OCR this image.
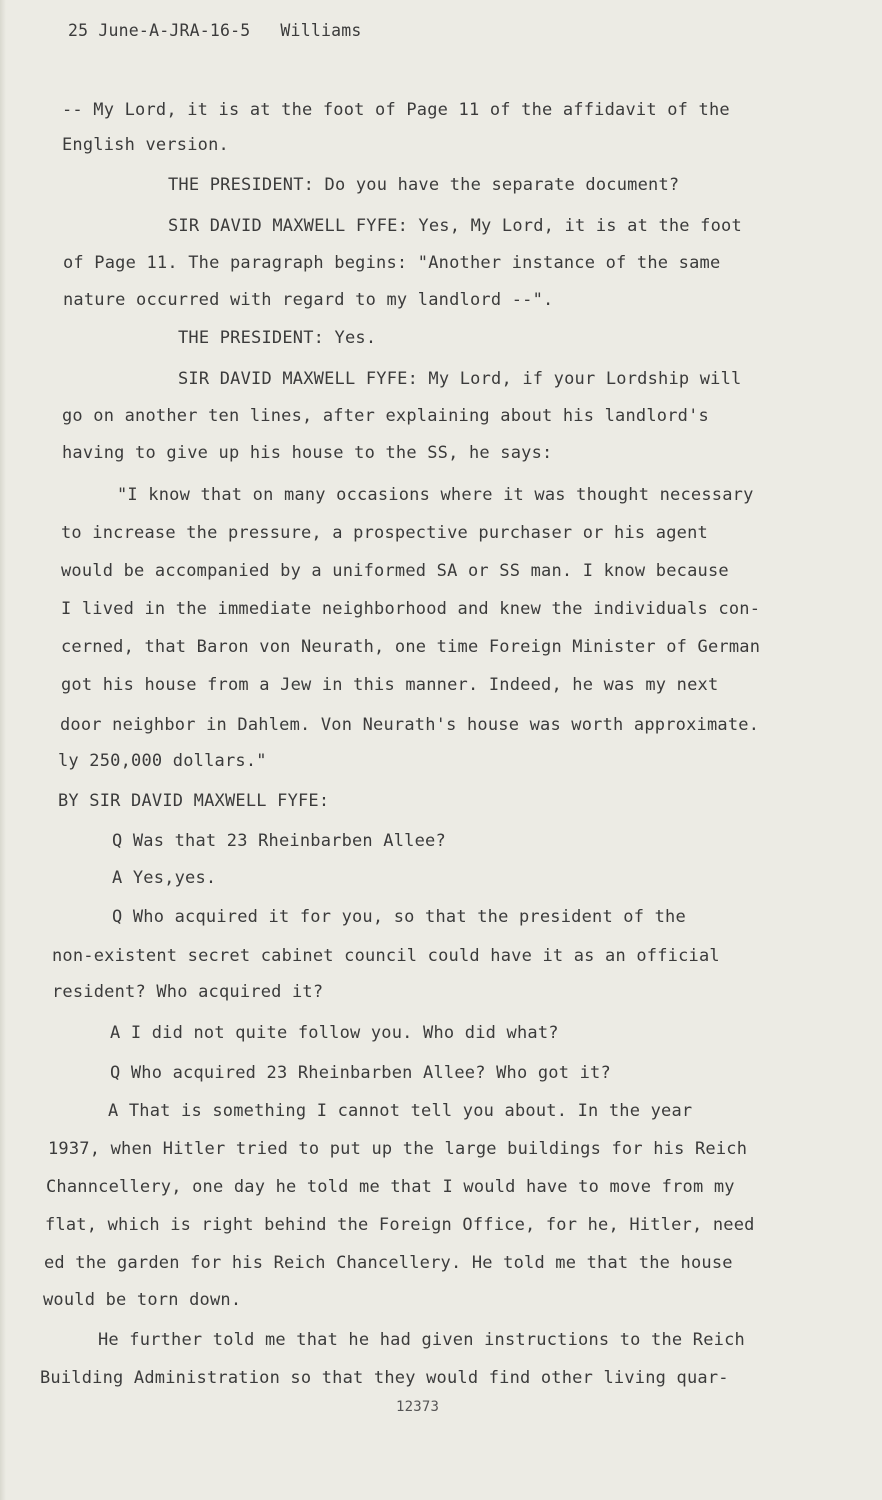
25 June-A-JRA-16-5 Williams
-- My Lord, it is at the foot of Page 11 of the affidavit of the
English version.
THE PRESIDENT: Do you have the separate document?
SIR DAVID MAXWELL FYFE: Yes, My Lord, it is at the foot
of Page 11. The paragraph begins: "Another instance of the same
nature occurred with regard to my landlord --".
THE PRESIDENT: Yes.
SIR DAVID MAXWELL FYFE: My Lord, if your Lordship will
go on another ten lines, after explaining about his landlord's
having to give up his house to the SS, he says:
"I know that on many occasions where it was thought necessary
to increase the pressure, a prospective purchaser or his agent
would be accompanied by a uniformed SA or SS man. I know because
I lived in the immediate neighborhood and knew the individuals con-
cerned, that Baron von Neurath, one time Foreign Minister of German
got his house from a Jew in this manner. Indeed, he was my next
door neighbor in Dahlem. Von Neurath's house was worth approximate.
ly 250,000 dollars."
BY SIR DAVID MAXWELL FYFE:
Q Was that 23 Rheinbarben Allee?
A Yes,yes.
Q Who acquired it for you, so that the president of the
non-existent secret cabinet council could have it as an official
resident? Who acquired it?
A I did not quite follow you. Who did what?
Q Who acquired 23 Rheinbarben Allee? Who got it?
A That is something I cannot tell you about. In the year
1937, when Hitler tried to put up the large buildings for his Reich
Channcellery, one day he told me that I would have to move from my
flat, which is right behind the Foreign Office, for he, Hitler, need
ed the garden for his Reich Chancellery. He told me that the house
would be torn down.
He further told me that he had given instructions to the Reich
Building Administration so that they would find other living quar-
12373
